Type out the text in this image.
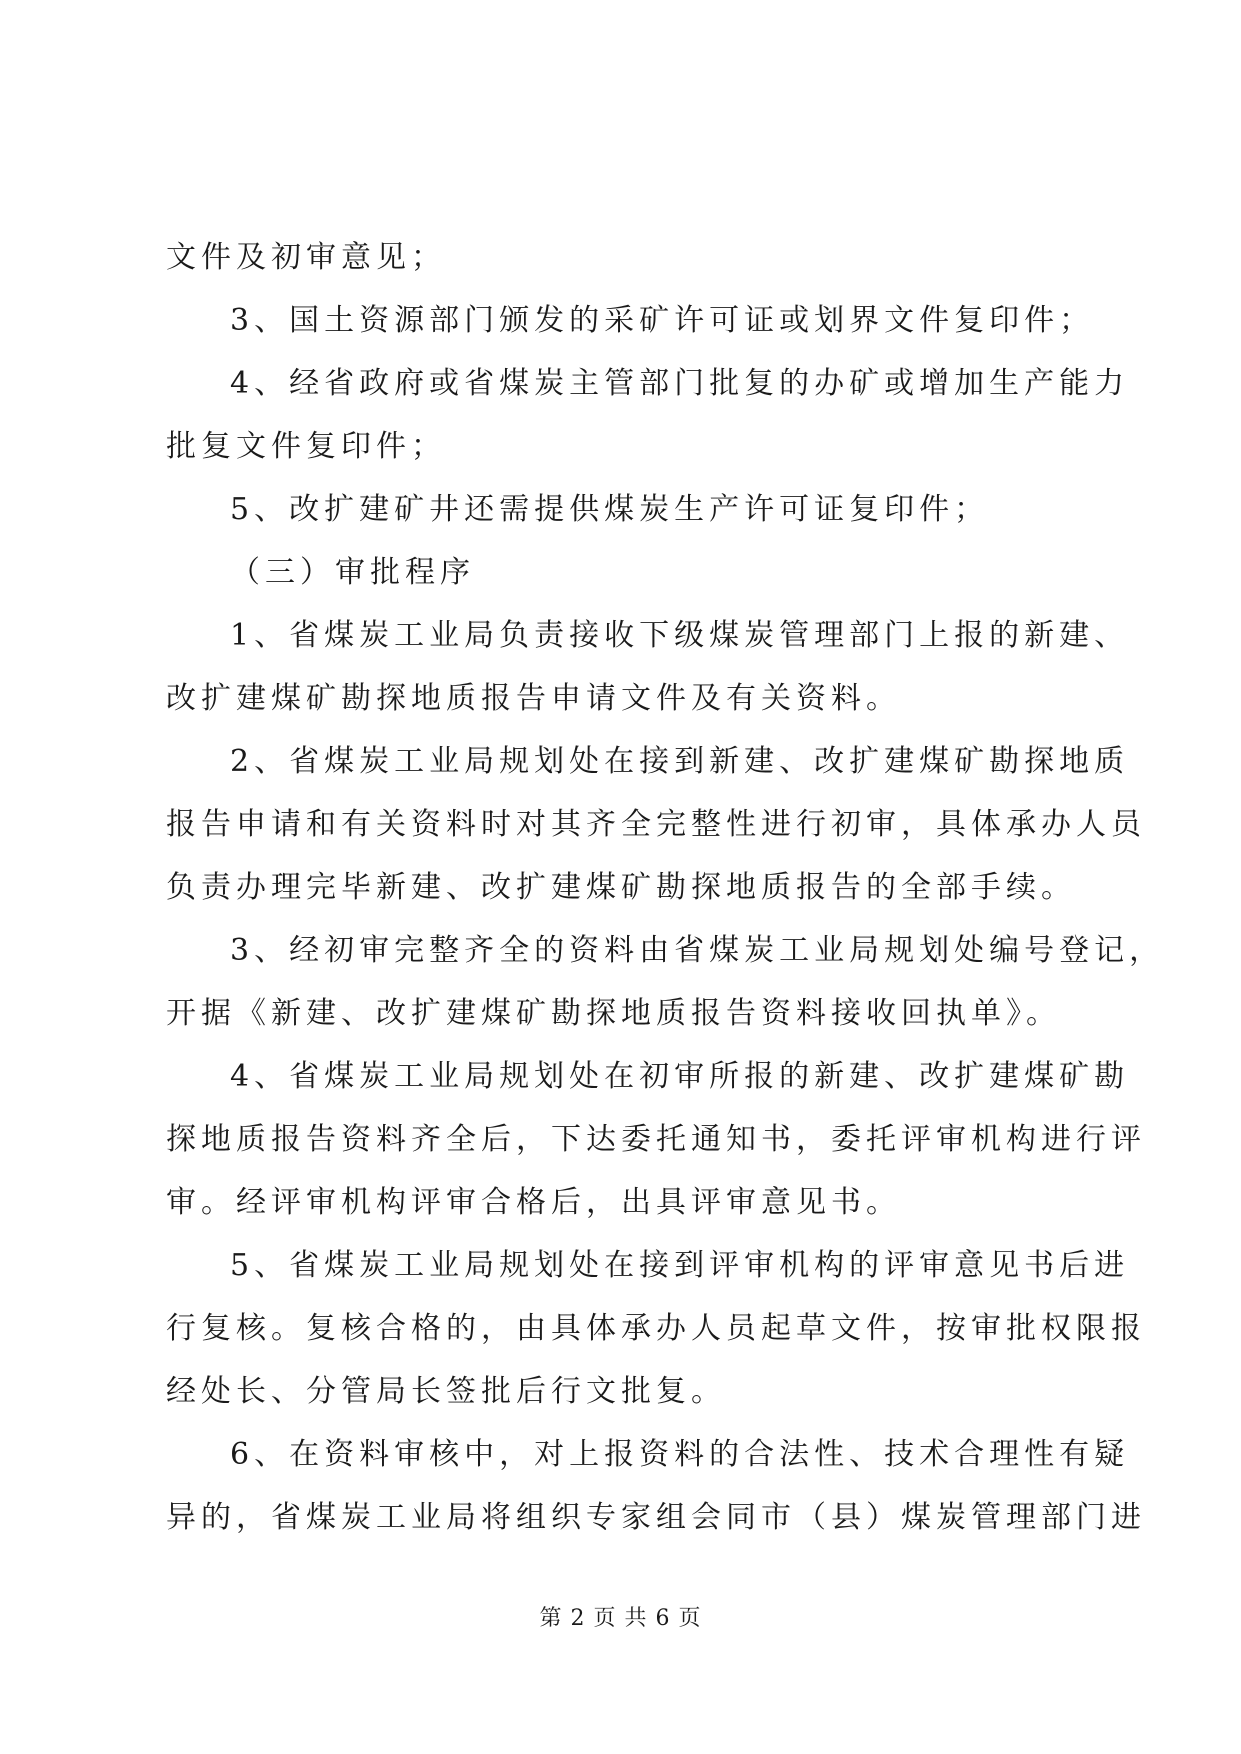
文件及初审意见；
3、国土资源部门颁发的采矿许可证或划界文件复印件；
4、经省政府或省煤炭主管部门批复的办矿或增加生产能力
批复文件复印件；
5、改扩建矿井还需提供煤炭生产许可证复印件；
（三）审批程序
1、省煤炭工业局负责接收下级煤炭管理部门上报的新建、
改扩建煤矿勘探地质报告申请文件及有关资料。
2、省煤炭工业局规划处在接到新建、改扩建煤矿勘探地质
报告申请和有关资料时对其齐全完整性进行初审，具体承办人员
负责办理完毕新建、改扩建煤矿勘探地质报告的全部手续。
3、经初审完整齐全的资料由省煤炭工业局规划处编号登记，
开据《新建、改扩建煤矿勘探地质报告资料接收回执单》。
4、省煤炭工业局规划处在初审所报的新建、改扩建煤矿勘
探地质报告资料齐全后，下达委托通知书，委托评审机构进行评
审。经评审机构评审合格后，出具评审意见书。
5、省煤炭工业局规划处在接到评审机构的评审意见书后进
行复核。复核合格的，由具体承办人员起草文件，按审批权限报
经处长、分管局长签批后行文批复。
6、在资料审核中，对上报资料的合法性、技术合理性有疑
异的，省煤炭工业局将组织专家组会同市（县）煤炭管理部门进
第 2 页 共 6 页
